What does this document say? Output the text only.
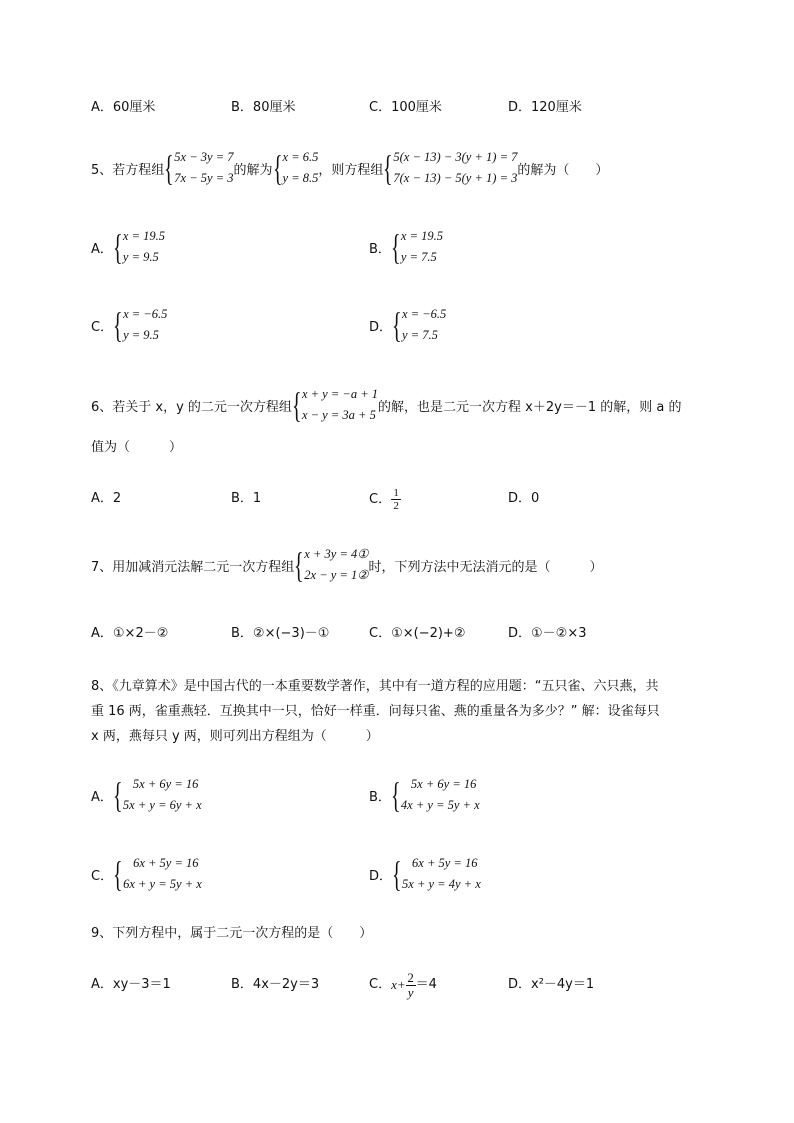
A．60厘米	B．80厘米	C．100厘米	D．120厘米
5、若方程组 { 5x − 3y = 7
7x − 5y = 3
的解为 { x = 6.5
y = 8.5
，则方程组 { 5(x − 13) − 3(y + 1) = 7
7(x − 13) − 5(y + 1) = 3
的解为（　　）
A． { x = 19.5
y = 9.5
B． { x = 19.5
y = 7.5
C． { x = −6.5
y = 9.5
D． { x = −6.5
y = 7.5
6、若关于 x，y 的二元一次方程组 { x + y = −a + 1
x − y = 3a + 5
的解，也是二元一次方程 x＋2y＝－1 的解，则 a 的
值为（　　　）
A．2	B．1	C． $\frac{1}{2}$	D．0
7、用加减消元法解二元一次方程组 { x + 3y = 4①
2x − y = 1②
时，下列方法中无法消元的是（　　　）
A．①×2－②	B．②×(−3)－①	C．①×(−2)+②	D．①－②×3
8、《九章算术》是中国古代的一本重要数学著作，其中有一道方程的应用题：“五只雀、六只燕，共
重 16 两，雀重燕轻．互换其中一只，恰好一样重．问每只雀、燕的重量各为多少？” 解：设雀每只
x 两，燕每只 y 两，则可列出方程组为（　　　）
A． { 5x + 6y = 16
5x + y = 6y + x
B． { 5x + 6y = 16
4x + y = 5y + x
C． { 6x + 5y = 16
6x + y = 5y + x
D． { 6x + 5y = 16
5x + y = 4y + x
9、下列方程中，属于二元一次方程的是（　　）
A．xy－3＝1	B．4x－2y＝3	C． $x+ \frac{2}{y} =4$	D．x²－4y＝1
